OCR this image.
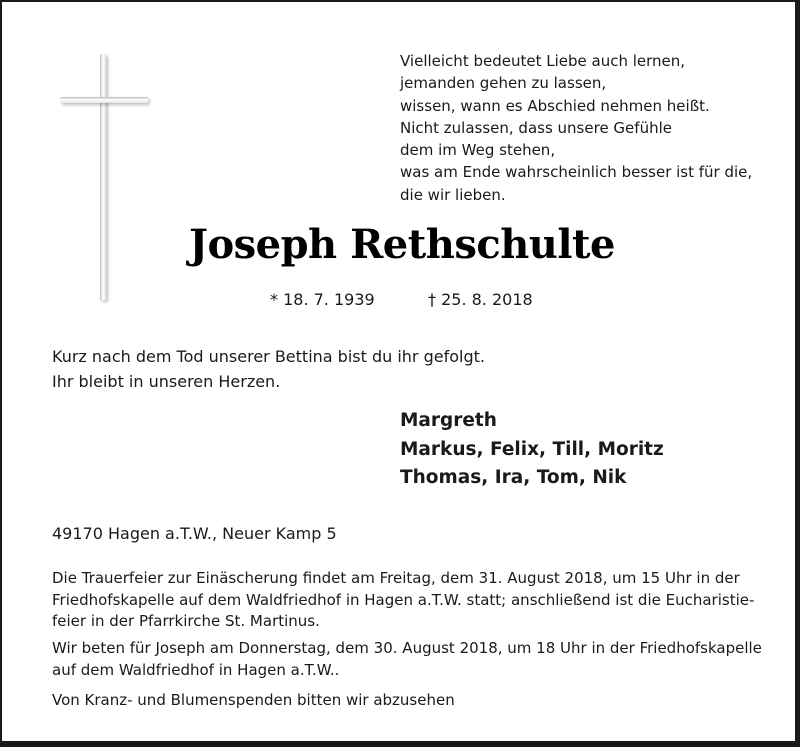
Vielleicht bedeutet Liebe auch lernen,
jemanden gehen zu lassen,
wissen, wann es Abschied nehmen heißt.
Nicht zulassen, dass unsere Gefühle
dem im Weg stehen,
was am Ende wahrscheinlich besser ist für die,
die wir lieben.
Joseph Rethschulte
* 18. 7. 1939	† 25. 8. 2018
Kurz nach dem Tod unserer Bettina bist du ihr gefolgt.
Ihr bleibt in unseren Herzen.
Margreth
Markus, Felix, Till, Moritz
Thomas, Ira, Tom, Nik
49170 Hagen a.T.W., Neuer Kamp 5
Die Trauerfeier zur Einäscherung findet am Freitag, dem 31. August 2018, um 15 Uhr in der
Friedhofskapelle auf dem Waldfriedhof in Hagen a.T.W. statt; anschließend ist die Eucharistie-
feier in der Pfarrkirche St. Martinus.
Wir beten für Joseph am Donnerstag, dem 30. August 2018, um 18 Uhr in der Friedhofskapelle
auf dem Waldfriedhof in Hagen a.T.W..
Von Kranz- und Blumenspenden bitten wir abzusehen
